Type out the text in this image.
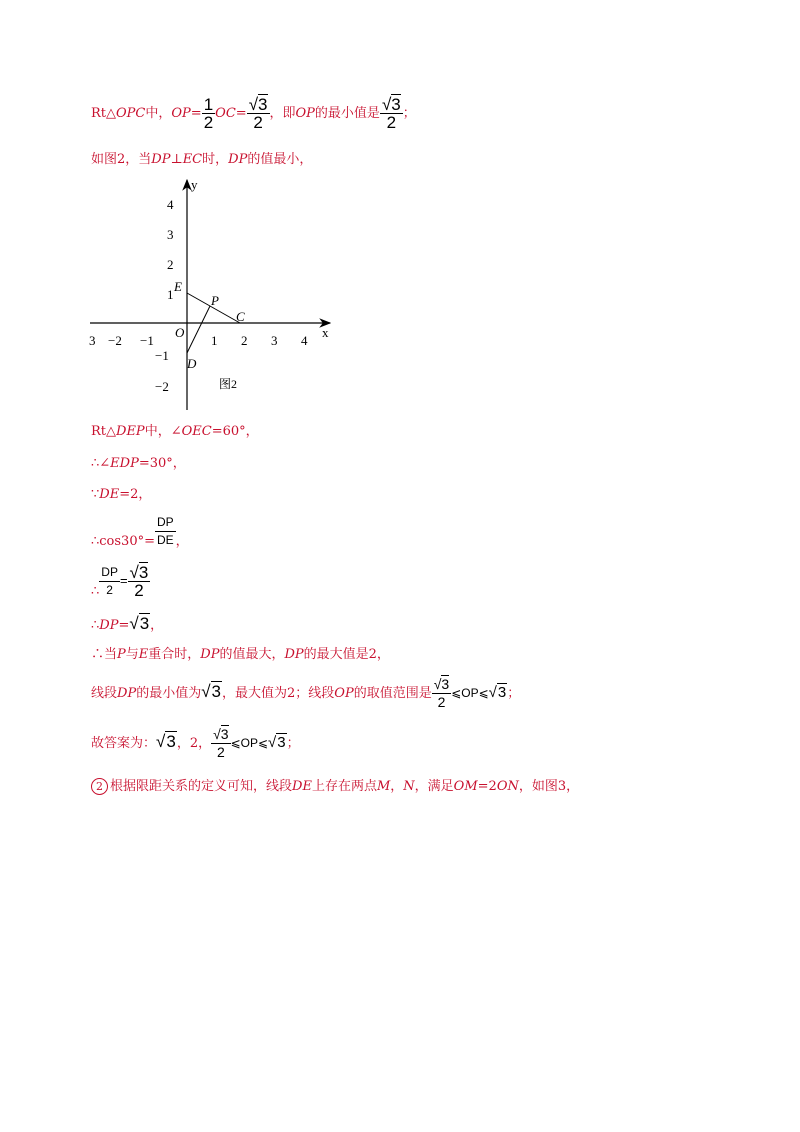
Rt△OPC中，$OP= \frac{1}{2} OC= \frac{√3}{2}$ ，即OP的最小值是 $\frac{√3}{2}$ ；
如图2，当DP⊥EC时，DP的值最小，
x
y
3 −2 −1	1 2 3 4
4
3
2
1
−1
−2
E
P
C
O
D
图2
Rt△DEP中，∠OEC=60°，
∴∠EDP=30°，
∵DE=2，
∴cos30°= $\frac{DP}{DE}$ ，
∴ $\frac{DP}{2} = \frac{√3}{2}$
∴DP=√3，
∴当P与E重合时，DP的值最大，DP的最大值是2，
线段DP的最小值为√3，最大值为2；线段OP的取值范围是 $\frac{√3}{2}$ ⩽OP⩽√3；
故答案为：√3，2， $\frac{√3}{2}$ ⩽OP⩽√3；
2 根据限距关系的定义可知，线段DE上存在两点M，N，满足OM=2ON，如图3，
